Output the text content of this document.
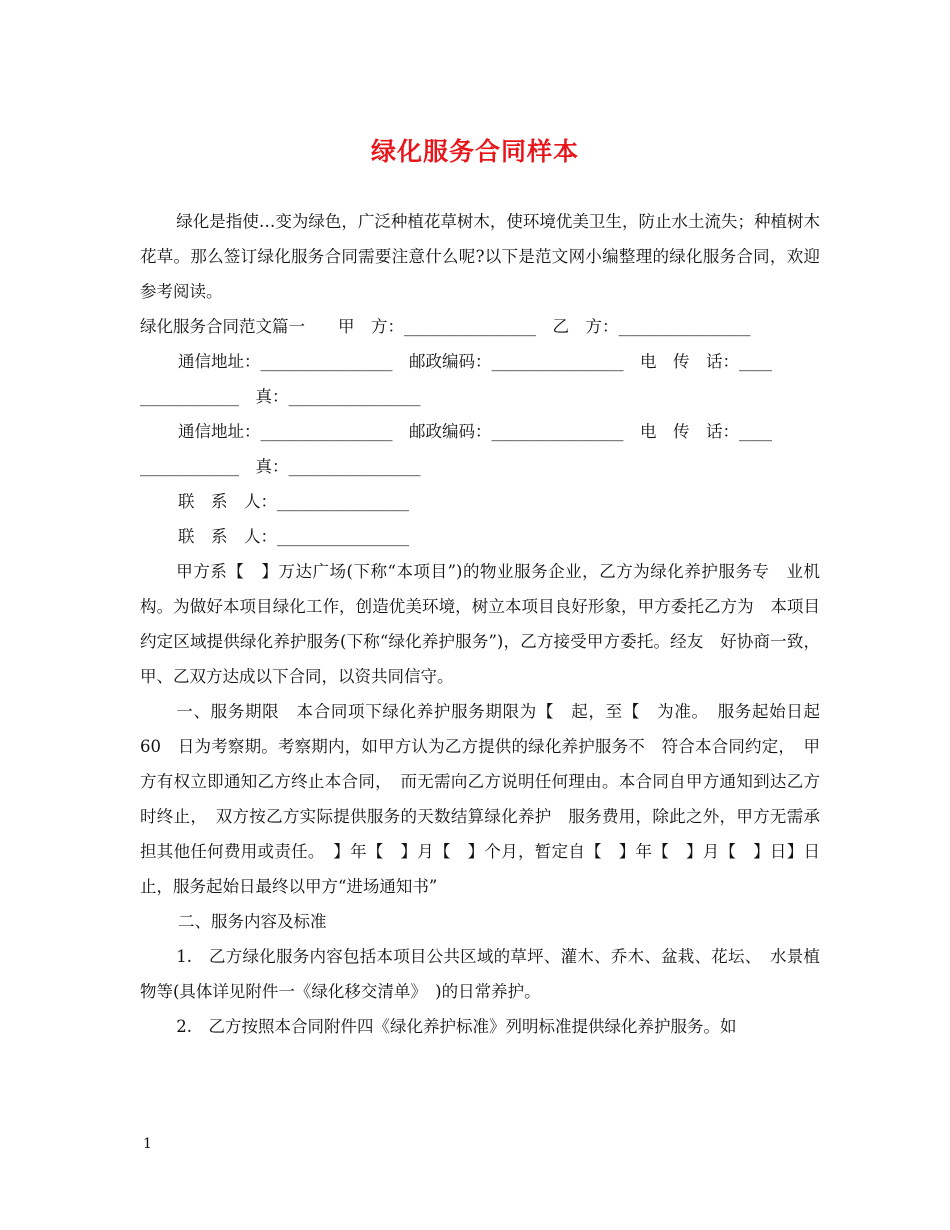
绿化服务合同样本

绿化是指使…变为绿色，广泛种植花草树木，使环境优美卫生，防止水土流失；种植树木花草。那么签订绿化服务合同需要注意什么呢?以下是范文网小编整理的绿化服务合同，欢迎参考阅读。

绿化服务合同范文篇一　　甲　方：________________　乙　方：________________

通信地址：________________　邮政编码：________________　电　传　话：____

____________　真：________________

通信地址：________________　邮政编码：________________　电　传　话：____

____________　真：________________

联　系　人：________________

联　系　人：________________

甲方系【　】万达广场(下称“本项目”)的物业服务企业，乙方为绿化养护服务专　业机构。为做好本项目绿化工作，创造优美环境，树立本项目良好形象，甲方委托乙方为　本项目约定区域提供绿化养护服务(下称“绿化养护服务”)，乙方接受甲方委托。经友　好协商一致，甲、乙双方达成以下合同，以资共同信守。

一、服务期限　本合同项下绿化养护服务期限为【　起，至【　为准。　服务起始日起　60　日为考察期。考察期内，如甲方认为乙方提供的绿化养护服务不　符合本合同约定，　甲方有权立即通知乙方终止本合同，　而无需向乙方说明任何理由。本合同自甲方通知到达乙方时终止，　双方按乙方实际提供服务的天数结算绿化养护　服务费用，除此之外，甲方无需承担其他任何费用或责任。　】年【　】月【　】个月，暂定自【　】年【　】月【　】日】日止，服务起始日最终以甲方“进场通知书”

二、服务内容及标准

1.　乙方绿化服务内容包括本项目公共区域的草坪、灌木、乔木、盆栽、花坛、　水景植物等(具体详见附件一《绿化移交清单》　)的日常养护。

2.　乙方按照本合同附件四《绿化养护标准》列明标准提供绿化养护服务。如

1
